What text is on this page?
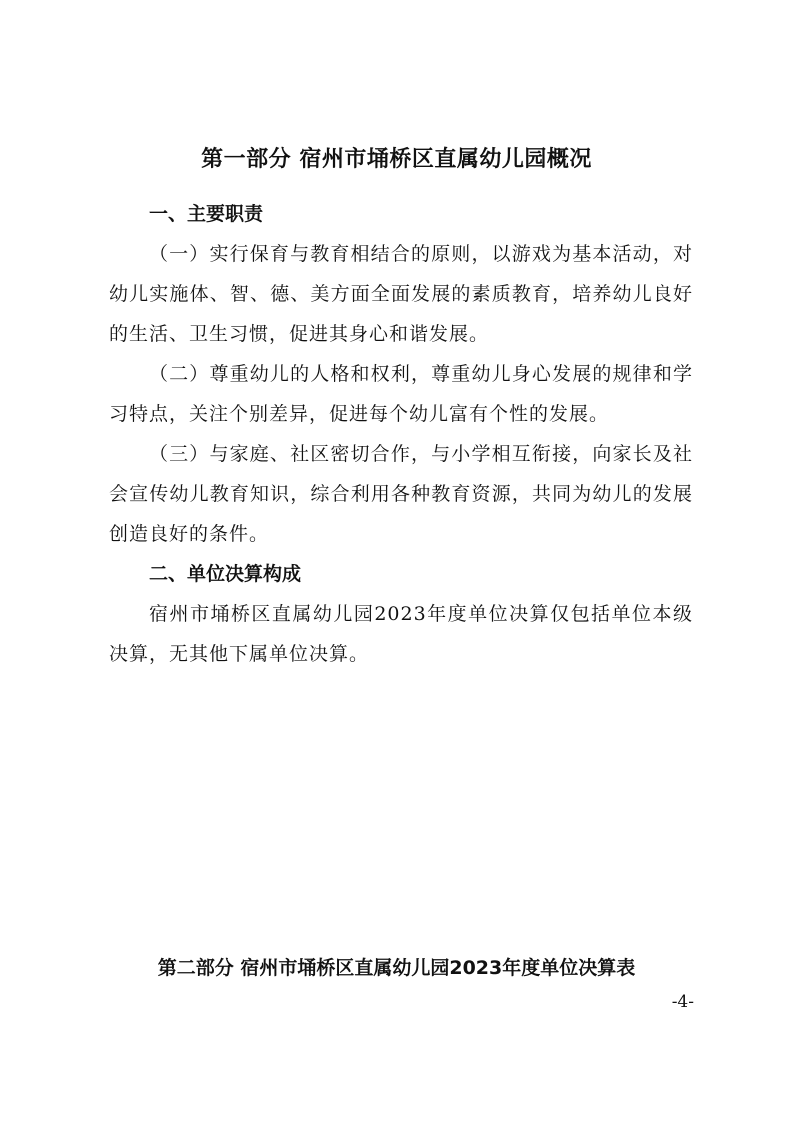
第一部分 宿州市埇桥区直属幼儿园概况
一、主要职责

（一）实行保育与教育相结合的原则，以游戏为基本活动，对幼儿实施体、智、德、美方面全面发展的素质教育，培养幼儿良好的生活、卫生习惯，促进其身心和谐发展。

（二）尊重幼儿的人格和权利，尊重幼儿身心发展的规律和学习特点，关注个别差异，促进每个幼儿富有个性的发展。

（三）与家庭、社区密切合作，与小学相互衔接，向家长及社会宣传幼儿教育知识，综合利用各种教育资源，共同为幼儿的发展创造良好的条件。

二、单位决算构成

宿州市埇桥区直属幼儿园2023年度单位决算仅包括单位本级决算，无其他下属单位决算。

第二部分 宿州市埇桥区直属幼儿园2023年度单位决算表
-4-
